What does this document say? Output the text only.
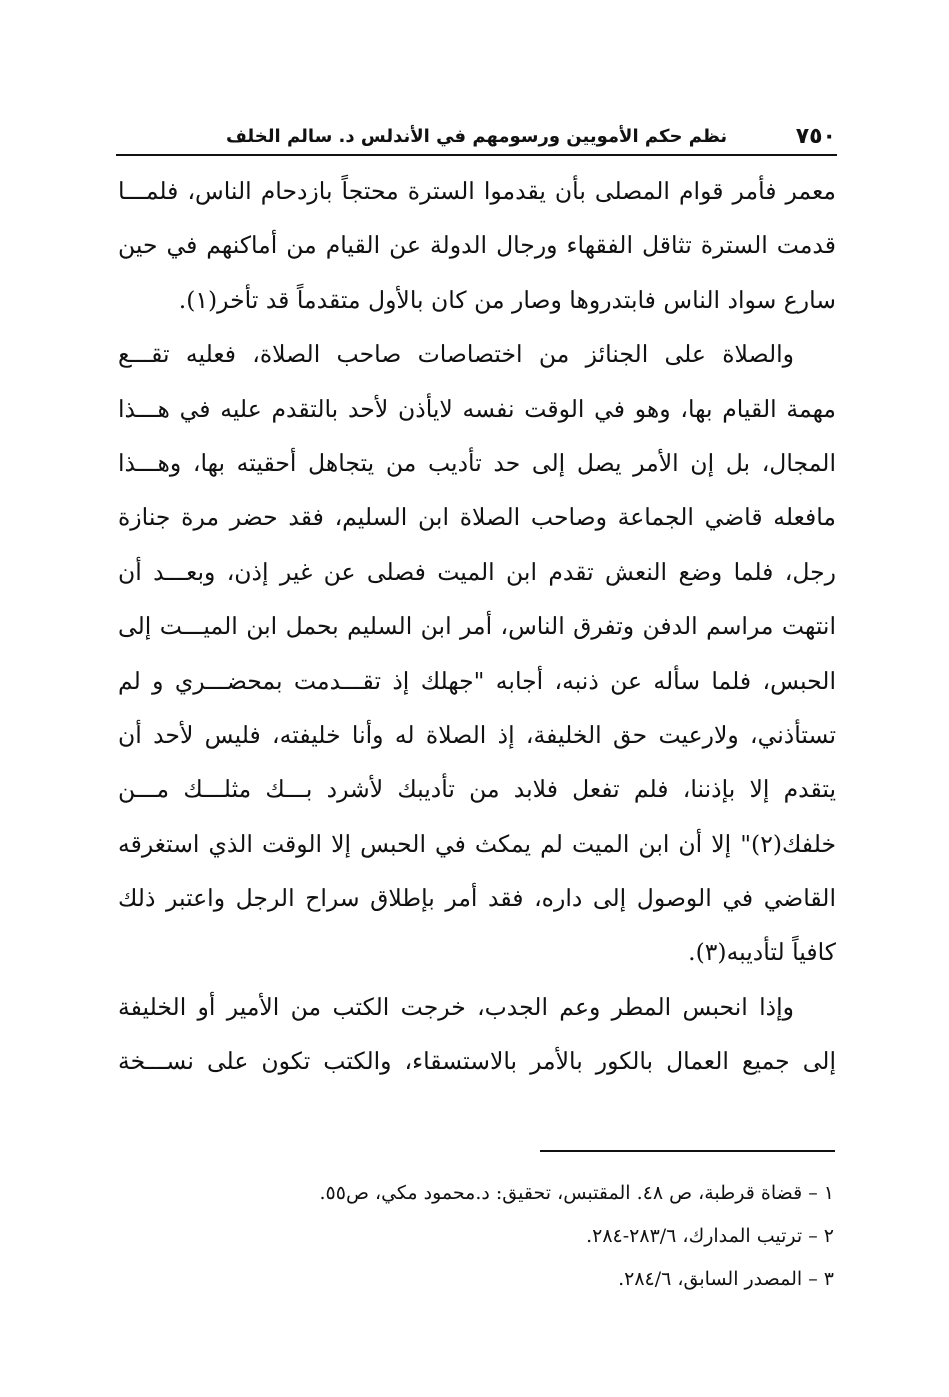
٧٥٠
نظم حكم الأمويين ورسومهم في الأندلس د. سالم الخلف
معمر فأمر قوام المصلى بأن يقدموا السترة محتجاً بازدحام الناس، فلمـــا
قدمت السترة تثاقل الفقهاء ورجال الدولة عن القيام من أماكنهم في حين
سارع سواد الناس فابتدروها وصار من كان بالأول متقدماً قد تأخر(١).
والصلاة على الجنائز من اختصاصات صاحب الصلاة، فعليه تقـــع
مهمة القيام بها، وهو في الوقت نفسه لايأذن لأحد بالتقدم عليه في هـــذا
المجال، بل إن الأمر يصل إلى حد تأديب من يتجاهل أحقيته بها، وهـــذا
مافعله قاضي الجماعة وصاحب الصلاة ابن السليم، فقد حضر مرة جنازة
رجل، فلما وضع النعش تقدم ابن الميت فصلى عن غير إذن، وبعـــد أن
انتهت مراسم الدفن وتفرق الناس، أمر ابن السليم بحمل ابن الميـــت إلى
الحبس، فلما سأله عن ذنبه، أجابه "جهلك إذ تقـــدمت بمحضـــري و لم
تستأذني، ولارعيت حق الخليفة، إذ الصلاة له وأنا خليفته، فليس لأحد أن
يتقدم إلا بإذننا، فلم تفعل فلابد من تأديبك لأشرد بـــك مثلـــك مـــن
خلفك(٢)" إلا أن ابن الميت لم يمكث في الحبس إلا الوقت الذي استغرقه
القاضي في الوصول إلى داره، فقد أمر بإطلاق سراح الرجل واعتبر ذلك
كافياً لتأديبه(٣).
وإذا انحبس المطر وعم الجدب، خرجت الكتب من الأمير أو الخليفة
إلى جميع العمال بالكور بالأمر بالاستسقاء، والكتب تكون على نســـخة
١ – قضاة قرطبة، ص ٤٨. المقتبس، تحقيق: د.محمود مكي، ص٥٥.
٢ – ترتيب المدارك، ٢٨٣/٦-٢٨٤.
٣ – المصدر السابق، ٢٨٤/٦.
